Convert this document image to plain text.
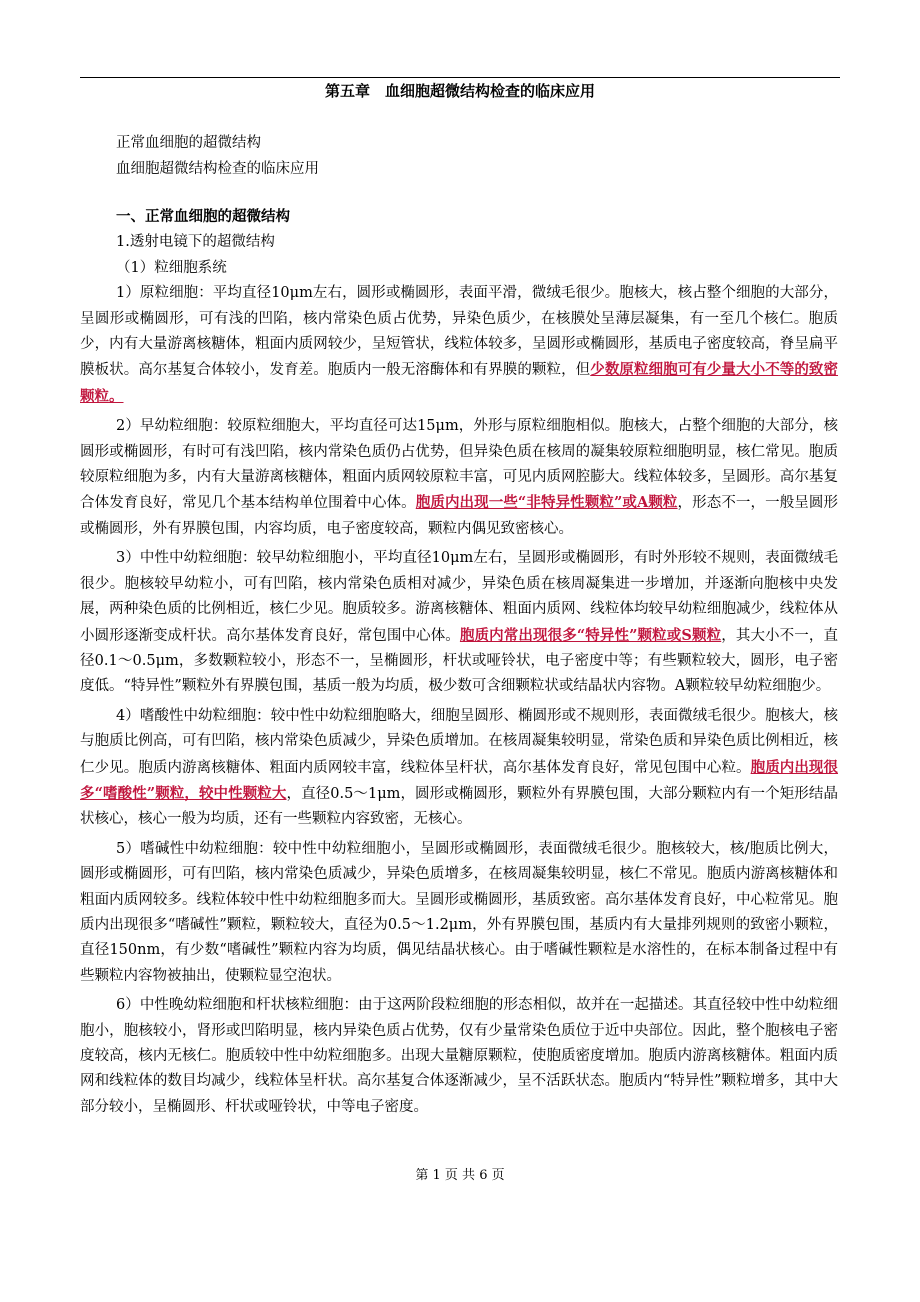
第五章　血细胞超微结构检查的临床应用
正常血细胞的超微结构
血细胞超微结构检查的临床应用
一、正常血细胞的超微结构
1.透射电镜下的超微结构
（1）粒细胞系统

1）原粒细胞：平均直径10μm左右，圆形或椭圆形，表面平滑，微绒毛很少。胞核大，核占整个细胞的大部分，呈圆形或椭圆形，可有浅的凹陷，核内常染色质占优势，异染色质少，在核膜处呈薄层凝集，有一至几个核仁。胞质少，内有大量游离核糖体，粗面内质网较少，呈短管状，线粒体较多，呈圆形或椭圆形，基质电子密度较高，脊呈扁平膜板状。高尔基复合体较小，发育差。胞质内一般无溶酶体和有界膜的颗粒，但少数原粒细胞可有少量大小不等的致密颗粒。

2）早幼粒细胞：较原粒细胞大，平均直径可达15μm，外形与原粒细胞相似。胞核大，占整个细胞的大部分，核圆形或椭圆形，有时可有浅凹陷，核内常染色质仍占优势，但异染色质在核周的凝集较原粒细胞明显，核仁常见。胞质较原粒细胞为多，内有大量游离核糖体，粗面内质网较原粒丰富，可见内质网腔膨大。线粒体较多，呈圆形。高尔基复合体发育良好，常见几个基本结构单位围着中心体。胞质内出现一些“非特异性颗粒”或A颗粒，形态不一，一般呈圆形或椭圆形，外有界膜包围，内容均质，电子密度较高，颗粒内偶见致密核心。

3）中性中幼粒细胞：较早幼粒细胞小，平均直径10μm左右，呈圆形或椭圆形，有时外形较不规则，表面微绒毛很少。胞核较早幼粒小，可有凹陷，核内常染色质相对减少，异染色质在核周凝集进一步增加，并逐渐向胞核中央发展，两种染色质的比例相近，核仁少见。胞质较多。游离核糖体、粗面内质网、线粒体均较早幼粒细胞减少，线粒体从小圆形逐渐变成杆状。高尔基体发育良好，常包围中心体。胞质内常出现很多“特异性”颗粒或S颗粒，其大小不一，直径0.1～0.5μm，多数颗粒较小，形态不一，呈椭圆形，杆状或哑铃状，电子密度中等；有些颗粒较大，圆形，电子密度低。“特异性”颗粒外有界膜包围，基质一般为均质，极少数可含细颗粒状或结晶状内容物。A颗粒较早幼粒细胞少。

4）嗜酸性中幼粒细胞：较中性中幼粒细胞略大，细胞呈圆形、椭圆形或不规则形，表面微绒毛很少。胞核大，核与胞质比例高，可有凹陷，核内常染色质减少，异染色质增加。在核周凝集较明显，常染色质和异染色质比例相近，核仁少见。胞质内游离核糖体、粗面内质网较丰富，线粒体呈杆状，高尔基体发育良好，常见包围中心粒。胞质内出现很多“嗜酸性”颗粒，较中性颗粒大，直径0.5～1μm，圆形或椭圆形，颗粒外有界膜包围，大部分颗粒内有一个矩形结晶状核心，核心一般为均质，还有一些颗粒内容致密，无核心。

5）嗜碱性中幼粒细胞：较中性中幼粒细胞小，呈圆形或椭圆形，表面微绒毛很少。胞核较大，核/胞质比例大，圆形或椭圆形，可有凹陷，核内常染色质减少，异染色质增多，在核周凝集较明显，核仁不常见。胞质内游离核糖体和粗面内质网较多。线粒体较中性中幼粒细胞多而大。呈圆形或椭圆形，基质致密。高尔基体发育良好，中心粒常见。胞质内出现很多“嗜碱性”颗粒，颗粒较大，直径为0.5～1.2μm，外有界膜包围，基质内有大量排列规则的致密小颗粒，直径150nm，有少数“嗜碱性”颗粒内容为均质，偶见结晶状核心。由于嗜碱性颗粒是水溶性的，在标本制备过程中有些颗粒内容物被抽出，使颗粒显空泡状。

6）中性晚幼粒细胞和杆状核粒细胞：由于这两阶段粒细胞的形态相似，故并在一起描述。其直径较中性中幼粒细胞小，胞核较小，肾形或凹陷明显，核内异染色质占优势，仅有少量常染色质位于近中央部位。因此，整个胞核电子密度较高，核内无核仁。胞质较中性中幼粒细胞多。出现大量糖原颗粒，使胞质密度增加。胞质内游离核糖体。粗面内质网和线粒体的数目均减少，线粒体呈杆状。高尔基复合体逐渐减少，呈不活跃状态。胞质内“特异性”颗粒增多，其中大部分较小，呈椭圆形、杆状或哑铃状，中等电子密度。

第 1 页 共 6 页
